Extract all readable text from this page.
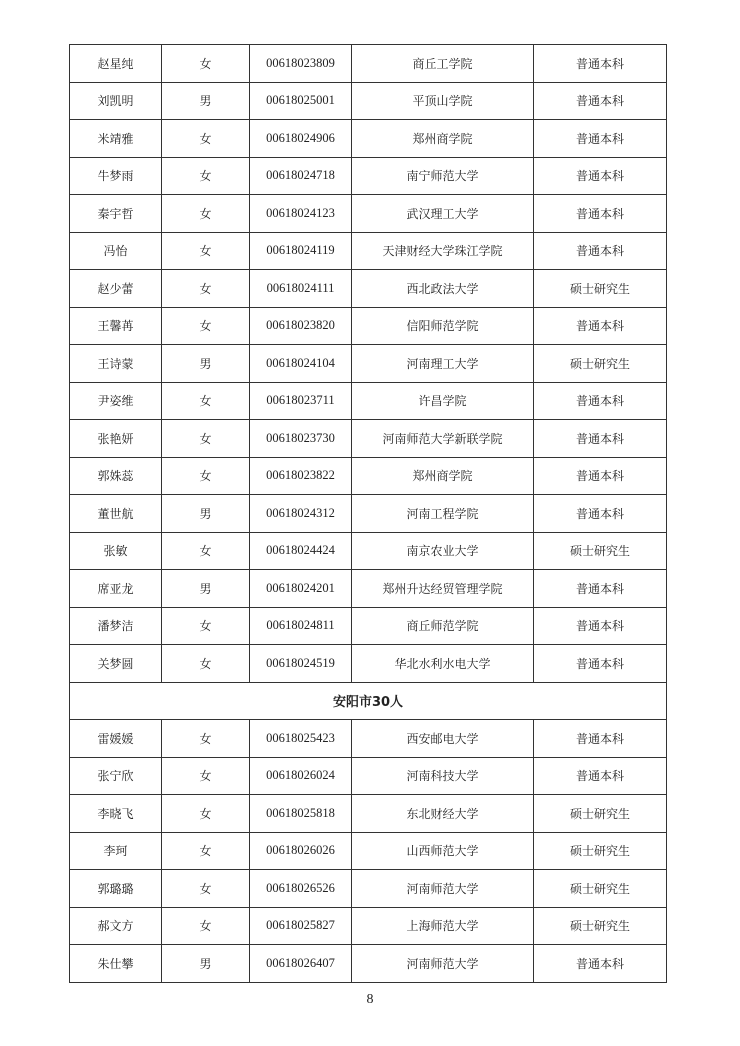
赵星纯	女	00618023809	商丘工学院	普通本科
刘凯明	男	00618025001	平顶山学院	普通本科
米靖雅	女	00618024906	郑州商学院	普通本科
牛梦雨	女	00618024718	南宁师范大学	普通本科
秦宇哲	女	00618024123	武汉理工大学	普通本科
冯怡	女	00618024119	天津财经大学珠江学院	普通本科
赵少蕾	女	00618024111	西北政法大学	硕士研究生
王馨苒	女	00618023820	信阳师范学院	普通本科
王诗蒙	男	00618024104	河南理工大学	硕士研究生
尹姿维	女	00618023711	许昌学院	普通本科
张艳妍	女	00618023730	河南师范大学新联学院	普通本科
郭姝蕊	女	00618023822	郑州商学院	普通本科
董世航	男	00618024312	河南工程学院	普通本科
张敏	女	00618024424	南京农业大学	硕士研究生
席亚龙	男	00618024201	郑州升达经贸管理学院	普通本科
潘梦洁	女	00618024811	商丘师范学院	普通本科
关梦圆	女	00618024519	华北水利水电大学	普通本科
安阳市30人				
雷媛媛	女	00618025423	西安邮电大学	普通本科
张宁欣	女	00618026024	河南科技大学	普通本科
李晓飞	女	00618025818	东北财经大学	硕士研究生
李珂	女	00618026026	山西师范大学	硕士研究生
郭璐璐	女	00618026526	河南师范大学	硕士研究生
郝文方	女	00618025827	上海师范大学	硕士研究生
朱仕攀	男	00618026407	河南师范大学	普通本科
8
